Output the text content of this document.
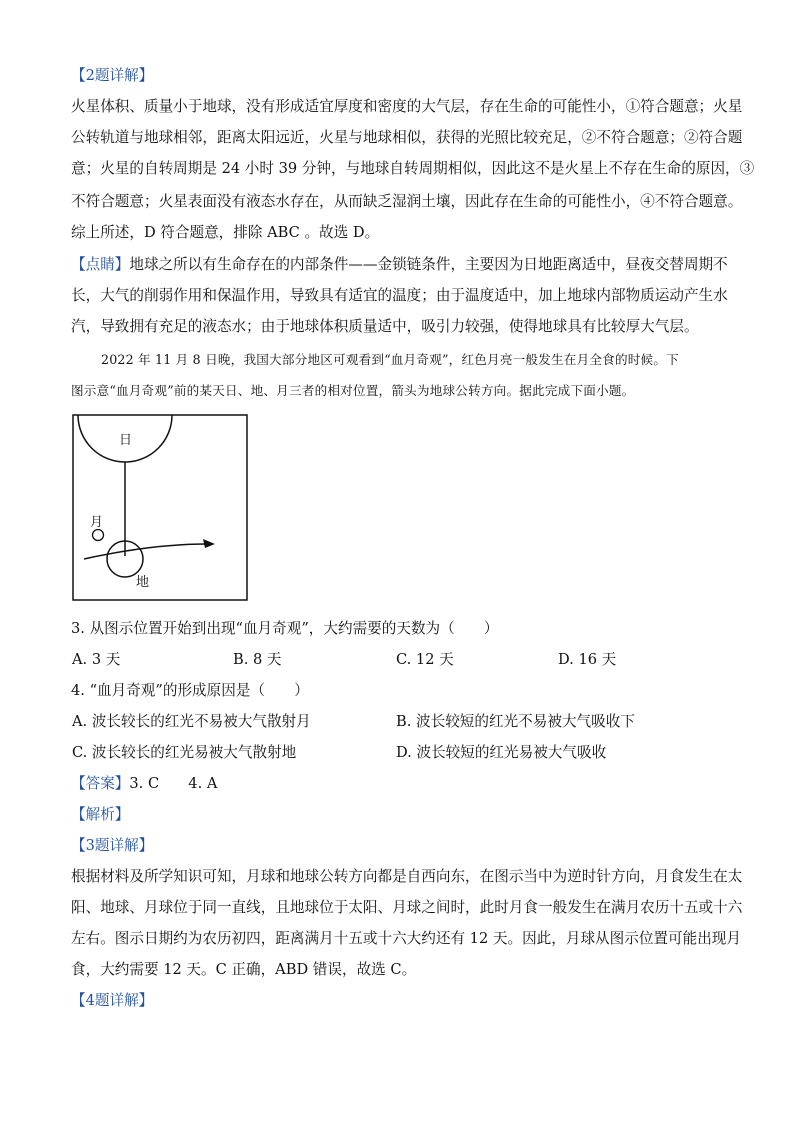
【2题详解】
火星体积、质量小于地球，没有形成适宜厚度和密度的大气层，存在生命的可能性小，①符合题意；火星
公转轨道与地球相邻，距离太阳远近，火星与地球相似，获得的光照比较充足，②不符合题意；②符合题
意；火星的自转周期是 24 小时 39 分钟，与地球自转周期相似，因此这不是火星上不存在生命的原因，③
不符合题意；火星表面没有液态水存在，从而缺乏湿润土壤，因此存在生命的可能性小，④不符合题意。
综上所述，D 符合题意，排除 ABC 。故选 D。
【点睛】地球之所以有生命存在的内部条件——金锁链条件，主要因为日地距离适中，昼夜交替周期不
长，大气的削弱作用和保温作用，导致具有适宜的温度；由于温度适中，加上地球内部物质运动产生水
汽，导致拥有充足的液态水；由于地球体积质量适中，吸引力较强，使得地球具有比较厚大气层。
2022 年 11 月 8 日晚，我国大部分地区可观看到“血月奇观”，红色月亮一般发生在月全食的时候。下
图示意“血月奇观”前的某天日、地、月三者的相对位置，箭头为地球公转方向。据此完成下面小题。
日
月
地
3. 从图示位置开始到出现“血月奇观”，大约需要的天数为（　　）
A. 3 天	B. 8 天	C. 12 天	D. 16 天
4. “血月奇观”的形成原因是（　　）
A. 波长较长的红光不易被大气散射月	B. 波长较短的红光不易被大气吸收下
C. 波长较长的红光易被大气散射地	D. 波长较短的红光易被大气吸收
【答案】3. C　　4. A
【解析】
【3题详解】
根据材料及所学知识可知，月球和地球公转方向都是自西向东，在图示当中为逆时针方向，月食发生在太
阳、地球、月球位于同一直线，且地球位于太阳、月球之间时，此时月食一般发生在满月农历十五或十六
左右。图示日期约为农历初四，距离满月十五或十六大约还有 12 天。因此，月球从图示位置可能出现月
食，大约需要 12 天。C 正确，ABD 错误，故选 C。
【4题详解】
